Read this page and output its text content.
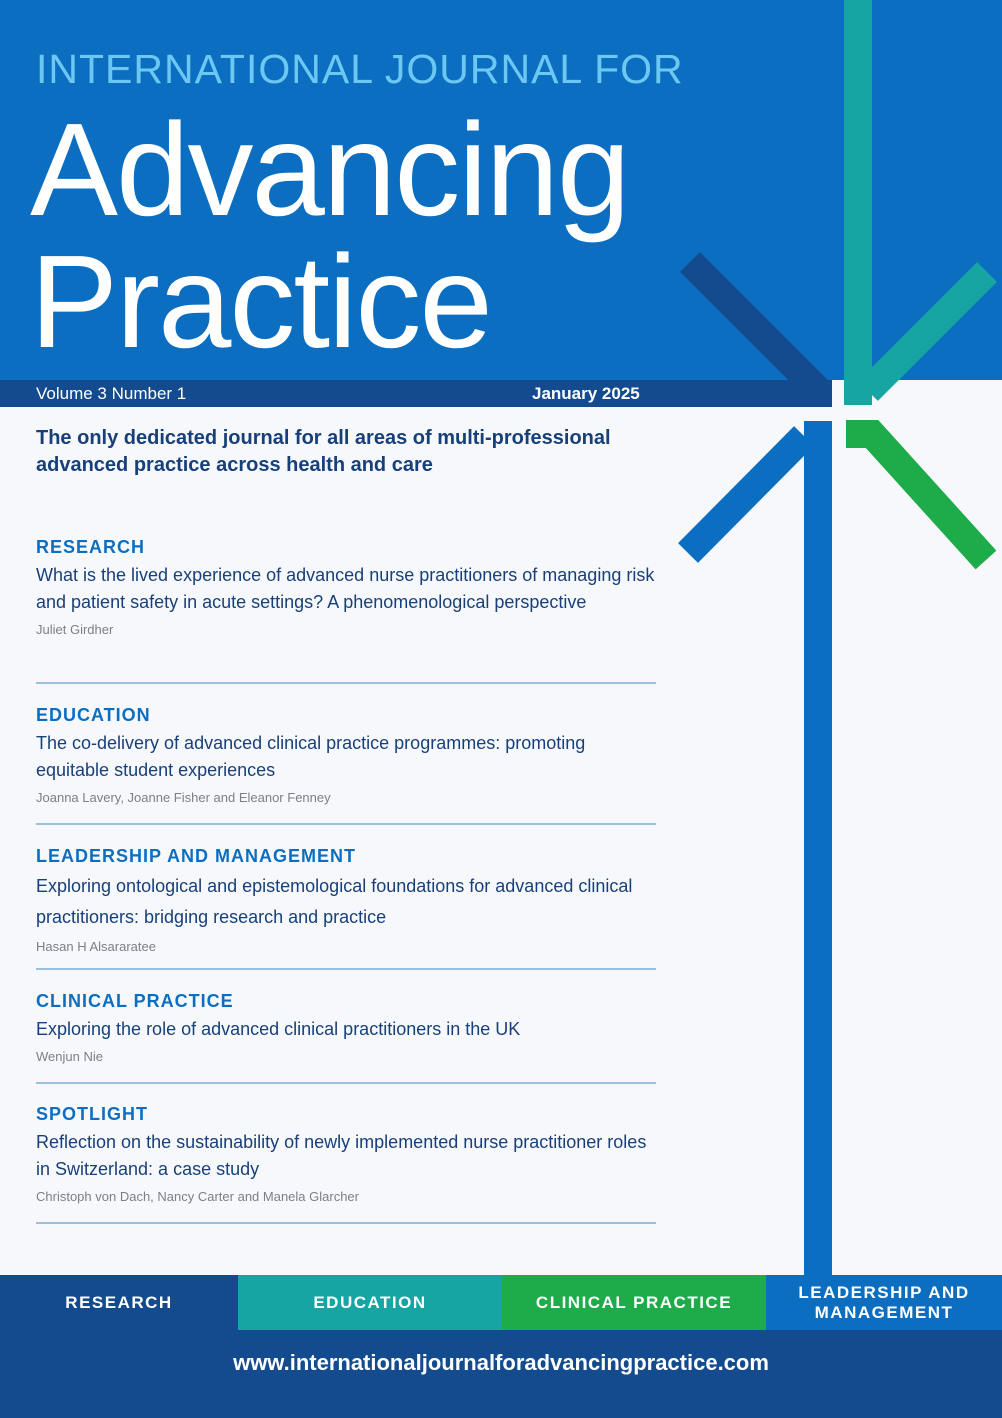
INTERNATIONAL JOURNAL FOR
Advancing
Practice
Volume 3 Number 1	January 2025
The only dedicated journal for all areas of multi-professional advanced practice across health and care
RESEARCH
What is the lived experience of advanced nurse practitioners of managing risk and patient safety in acute settings? A phenomenological perspective
Juliet Girdher
EDUCATION
The co-delivery of advanced clinical practice programmes: promoting equitable student experiences
Joanna Lavery, Joanne Fisher and Eleanor Fenney
LEADERSHIP AND MANAGEMENT
Exploring ontological and epistemological foundations for advanced clinical practitioners: bridging research and practice
Hasan H Alsararatee
CLINICAL PRACTICE
Exploring the role of advanced clinical practitioners in the UK
Wenjun Nie
SPOTLIGHT
Reflection on the sustainability of newly implemented nurse practitioner roles in Switzerland: a case study
Christoph von Dach, Nancy Carter and Manela Glarcher
RESEARCH	EDUCATION	CLINICAL PRACTICE
LEADERSHIP AND MANAGEMENT
www.internationaljournalforadvancingpractice.com
